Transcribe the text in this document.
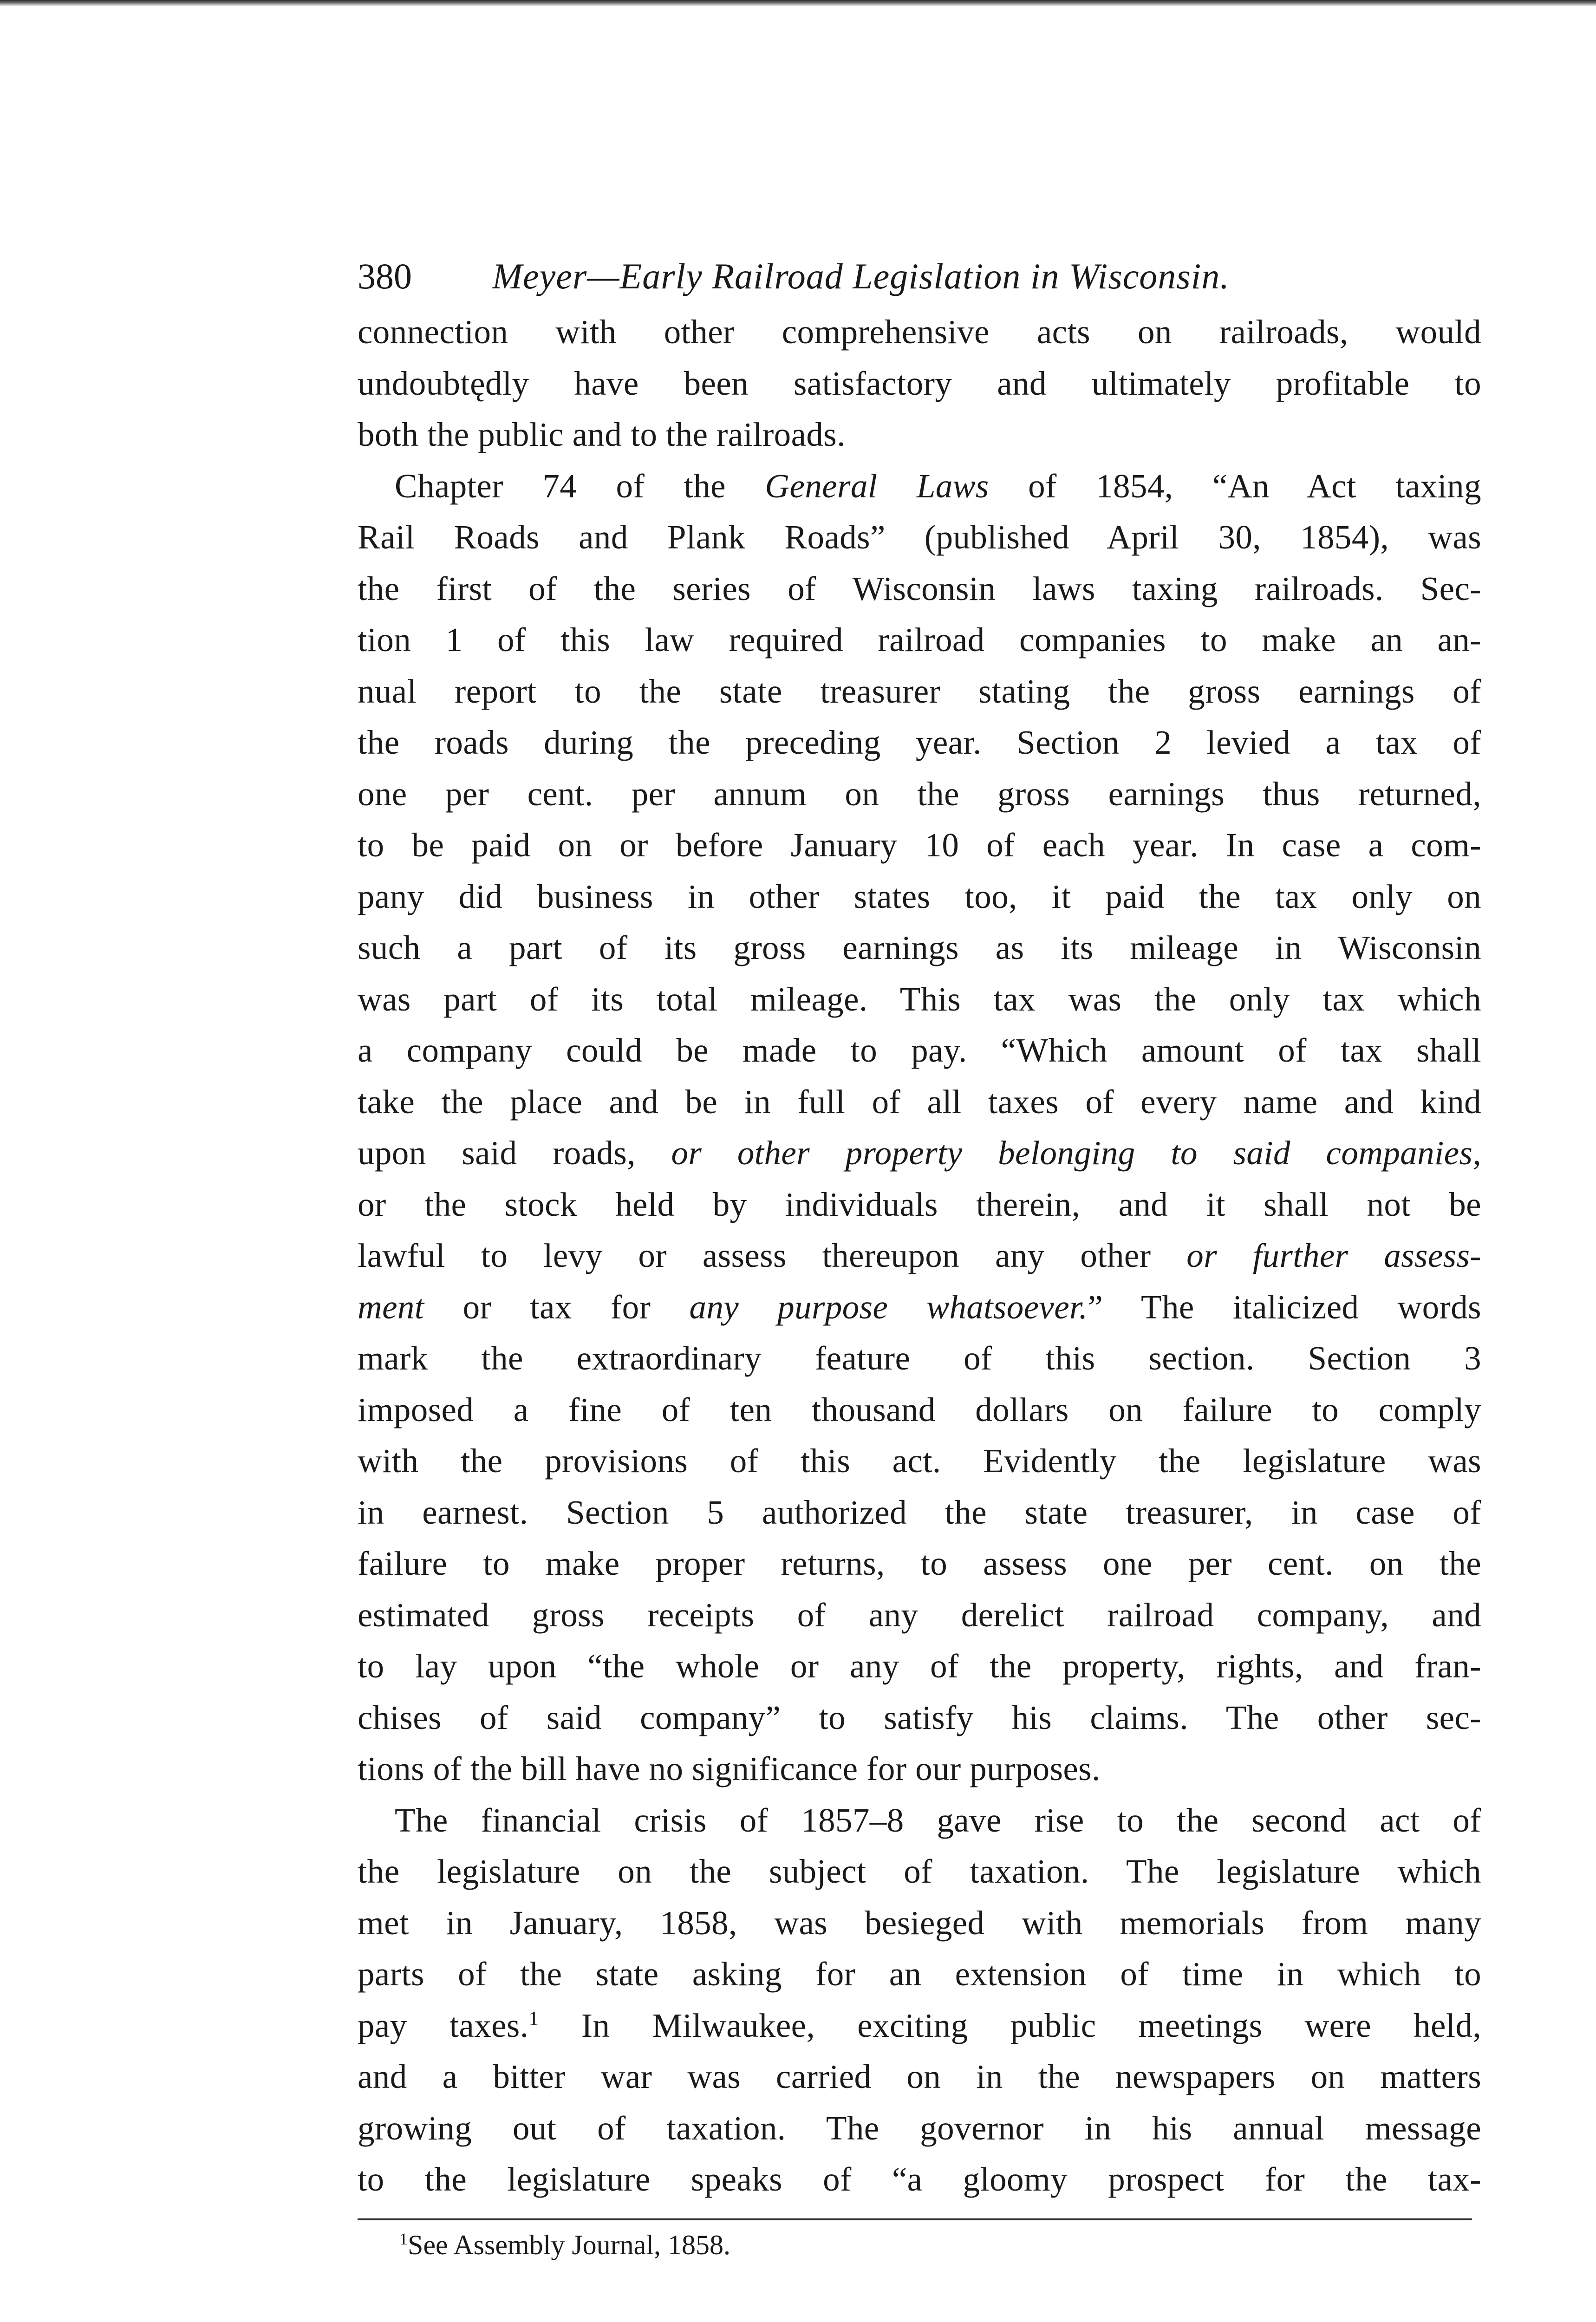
380	Meyer—Early Railroad Legislation in Wisconsin.
connection with other comprehensive acts on railroads, would
undoubtędly have been satisfactory and ultimately profitable to
both the public and to the railroads.
Chapter 74 of the General Laws of 1854, “An Act taxing
Rail Roads and Plank Roads” (published April 30, 1854), was
the first of the series of Wisconsin laws taxing railroads. Sec-
tion 1 of this law required railroad companies to make an an-
nual report to the state treasurer stating the gross earnings of
the roads during the preceding year. Section 2 levied a tax of
one per cent. per annum on the gross earnings thus returned,
to be paid on or before January 10 of each year. In case a com-
pany did business in other states too, it paid the tax only on
such a part of its gross earnings as its mileage in Wisconsin
was part of its total mileage. This tax was the only tax which
a company could be made to pay. “Which amount of tax shall
take the place and be in full of all taxes of every name and kind
upon said roads, or other property belonging to said companies,
or the stock held by individuals therein, and it shall not be
lawful to levy or assess thereupon any other or further assess-
ment or tax for any purpose whatsoever.” The italicized words
mark the extraordinary feature of this section. Section 3
imposed a fine of ten thousand dollars on failure to comply
with the provisions of this act. Evidently the legislature was
in earnest. Section 5 authorized the state treasurer, in case of
failure to make proper returns, to assess one per cent. on the
estimated gross receipts of any derelict railroad company, and
to lay upon “the whole or any of the property, rights, and fran-
chises of said company” to satisfy his claims. The other sec-
tions of the bill have no significance for our purposes.
The financial crisis of 1857–8 gave rise to the second act of
the legislature on the subject of taxation. The legislature which
met in January, 1858, was besieged with memorials from many
parts of the state asking for an extension of time in which to
pay taxes.$^1$ In Milwaukee, exciting public meetings were held,
and a bitter war was carried on in the newspapers on matters
growing out of taxation. The governor in his annual message
to the legislature speaks of “a gloomy prospect for the tax-
$^1$See Assembly Journal, 1858.
